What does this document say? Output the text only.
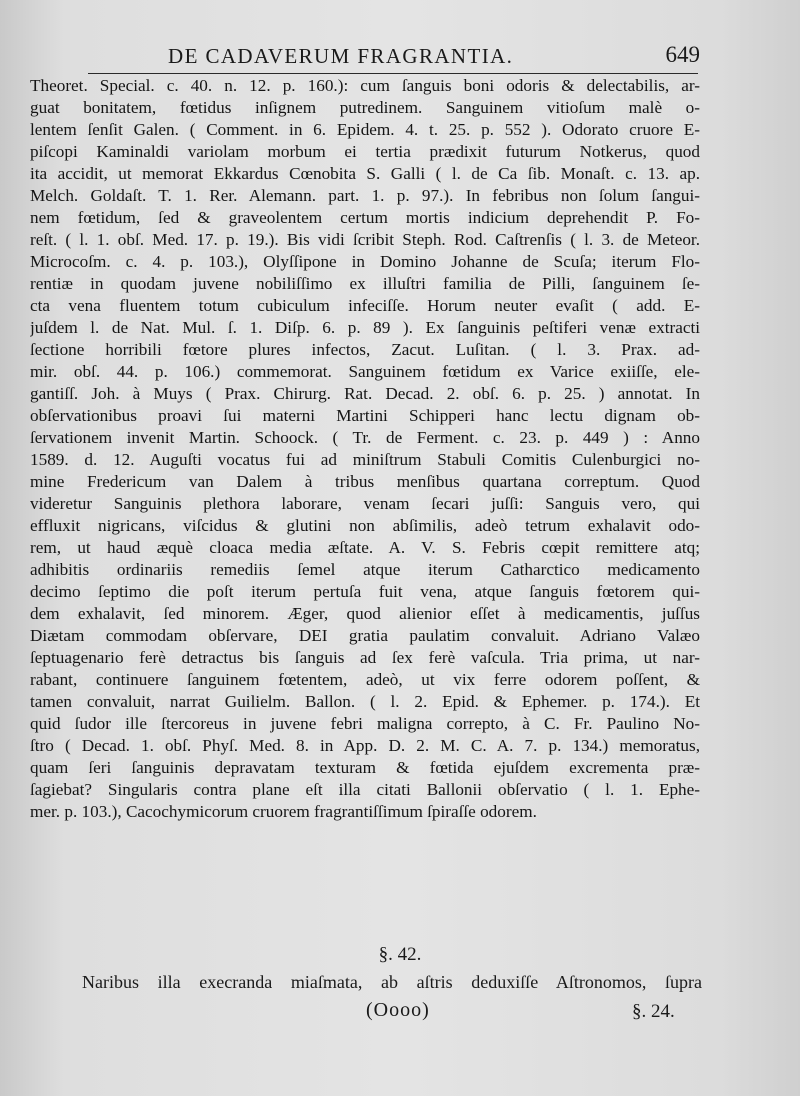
DE CADAVERUM FRAGRANTIA.	649
Theoret. Special. c. 40. n. 12. p. 160.): cum ſanguis boni odoris & delectabilis, ar-
guat bonitatem, fœtidus inſignem putredinem. Sanguinem vitioſum malè o-
lentem ſenſit Galen. ( Comment. in 6. Epidem. 4. t. 25. p. 552 ). Odorato cruore E-
piſcopi Kaminaldi variolam morbum ei tertia prædixit futurum Notkerus, quod
ita accidit, ut memorat Ekkardus Cœnobita S. Galli ( l. de Ca ſib. Monaſt. c. 13. ap.
Melch. Goldaſt. T. 1. Rer. Alemann. part. 1. p. 97.). In febribus non ſolum ſangui-
nem fœtidum, ſed & graveolentem certum mortis indicium deprehendit P. Fo-
reſt. ( l. 1. obſ. Med. 17. p. 19.). Bis vidi ſcribit Steph. Rod. Caſtrenſis ( l. 3. de Meteor.
Microcoſm. c. 4. p. 103.), Olyſſipone in Domino Johanne de Scuſa; iterum Flo-
rentiæ in quodam juvene nobiliſſimo ex illuſtri familia de Pilli, ſanguinem ſe-
cta vena fluentem totum cubiculum infeciſſe. Horum neuter evaſit ( add. E-
juſdem l. de Nat. Mul. ſ. 1. Diſp. 6. p. 89 ). Ex ſanguinis peſtiferi venæ extracti
ſectione horribili fœtore plures infectos, Zacut. Luſitan. ( l. 3. Prax. ad-
mir. obſ. 44. p. 106.) commemorat. Sanguinem fœtidum ex Varice exiiſſe, ele-
gantiſſ. Joh. à Muys ( Prax. Chirurg. Rat. Decad. 2. obſ. 6. p. 25. ) annotat. In
obſervationibus proavi ſui materni Martini Schipperi hanc lectu dignam ob-
ſervationem invenit Martin. Schoock. ( Tr. de Ferment. c. 23. p. 449 ) : Anno
1589. d. 12. Auguſti vocatus fui ad miniſtrum Stabuli Comitis Culenburgici no-
mine Fredericum van Dalem à tribus menſibus quartana correptum. Quod
videretur Sanguinis plethora laborare, venam ſecari juſſi: Sanguis vero, qui
effluxit nigricans, viſcidus & glutini non abſimilis, adeò tetrum exhalavit odo-
rem, ut haud æquè cloaca media æſtate. A. V. S. Febris cœpit remittere atq;
adhibitis ordinariis remediis ſemel atque iterum Catharctico medicamento
decimo ſeptimo die poſt iterum pertuſa fuit vena, atque ſanguis fœtorem qui-
dem exhalavit, ſed minorem. Æger, quod alienior eſſet à medicamentis, juſſus
Diætam commodam obſervare, DEI gratia paulatim convaluit. Adriano Valæo
ſeptuagenario ferè detractus bis ſanguis ad ſex ferè vaſcula. Tria prima, ut nar-
rabant, continuere ſanguinem fœtentem, adeò, ut vix ferre odorem poſſent, &
tamen convaluit, narrat Guilielm. Ballon. ( l. 2. Epid. & Ephemer. p. 174.). Et
quid ſudor ille ſtercoreus in juvene febri maligna correpto, à C. Fr. Paulino No-
ſtro ( Decad. 1. obſ. Phyſ. Med. 8. in App. D. 2. M. C. A. 7. p. 134.) memoratus,
quam ſeri ſanguinis depravatam texturam & fœtida ejuſdem excrementa præ-
ſagiebat? Singularis contra plane eſt illa citati Ballonii obſervatio ( l. 1. Ephe-
mer. p. 103.), Cacochymicorum cruorem fragrantiſſimum ſpiraſſe odorem.
§. 42.
Naribus illa execranda miaſmata, ab aſtris deduxiſſe Aſtronomos, ſupra
(Oooo)	§. 24.
